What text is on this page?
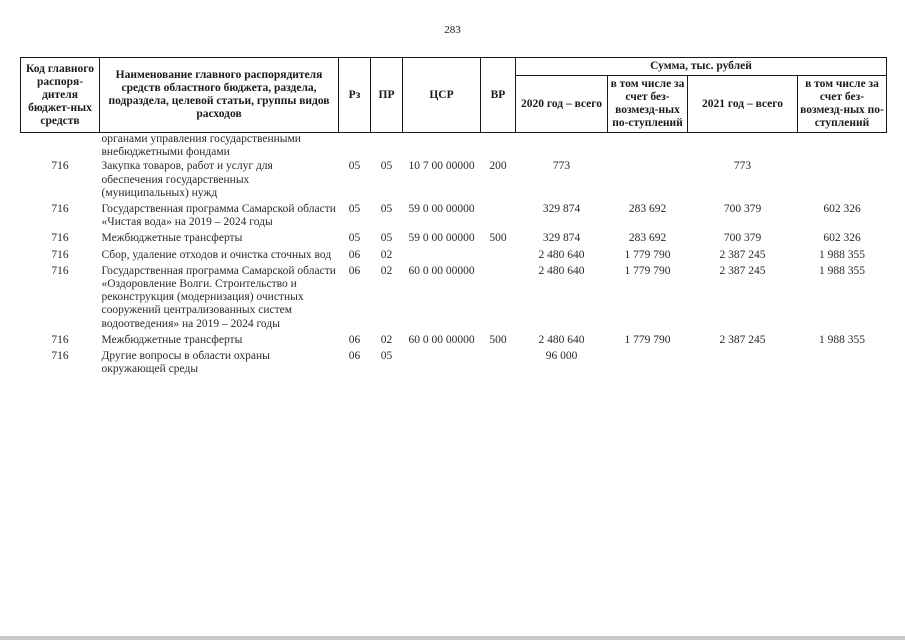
283
Код главного распоря-дителя бюджет-ных средств	Наименование главного распорядителя средств областного бюджета, раздела, подраздела, целевой статьи, группы видов расходов	Рз	ПР	ЦСР	ВР	Сумма, тыс. рублей			
						2020 год – всего	в том числе за счет без-возмезд-ных по-ступлений	2021 год – всего	в том числе за счет без-возмезд-ных по-ступлений
	органами управления государственными внебюджетными фондами								
716	Закупка товаров, работ и услуг для обеспечения государственных (муниципальных) нужд	05	05	10 7 00 00000	200	773		773	
716	Государственная программа Самарской области «Чистая вода» на 2019 – 2024 годы	05	05	59 0 00 00000		329 874	283 692	700 379	602 326
716	Межбюджетные трансферты	05	05	59 0 00 00000	500	329 874	283 692	700 379	602 326
716	Сбор, удаление отходов и очистка сточных вод	06	02			2 480 640	1 779 790	2 387 245	1 988 355
716	Государственная программа Самарской области «Оздоровление Волги. Строительство и реконструкция (модернизация) очистных сооружений централизованных систем водоотведения» на 2019 – 2024 годы	06	02	60 0 00 00000		2 480 640	1 779 790	2 387 245	1 988 355
716	Межбюджетные трансферты	06	02	60 0 00 00000	500	2 480 640	1 779 790	2 387 245	1 988 355
716	Другие вопросы в области охраны окружающей среды	06	05			96 000			
